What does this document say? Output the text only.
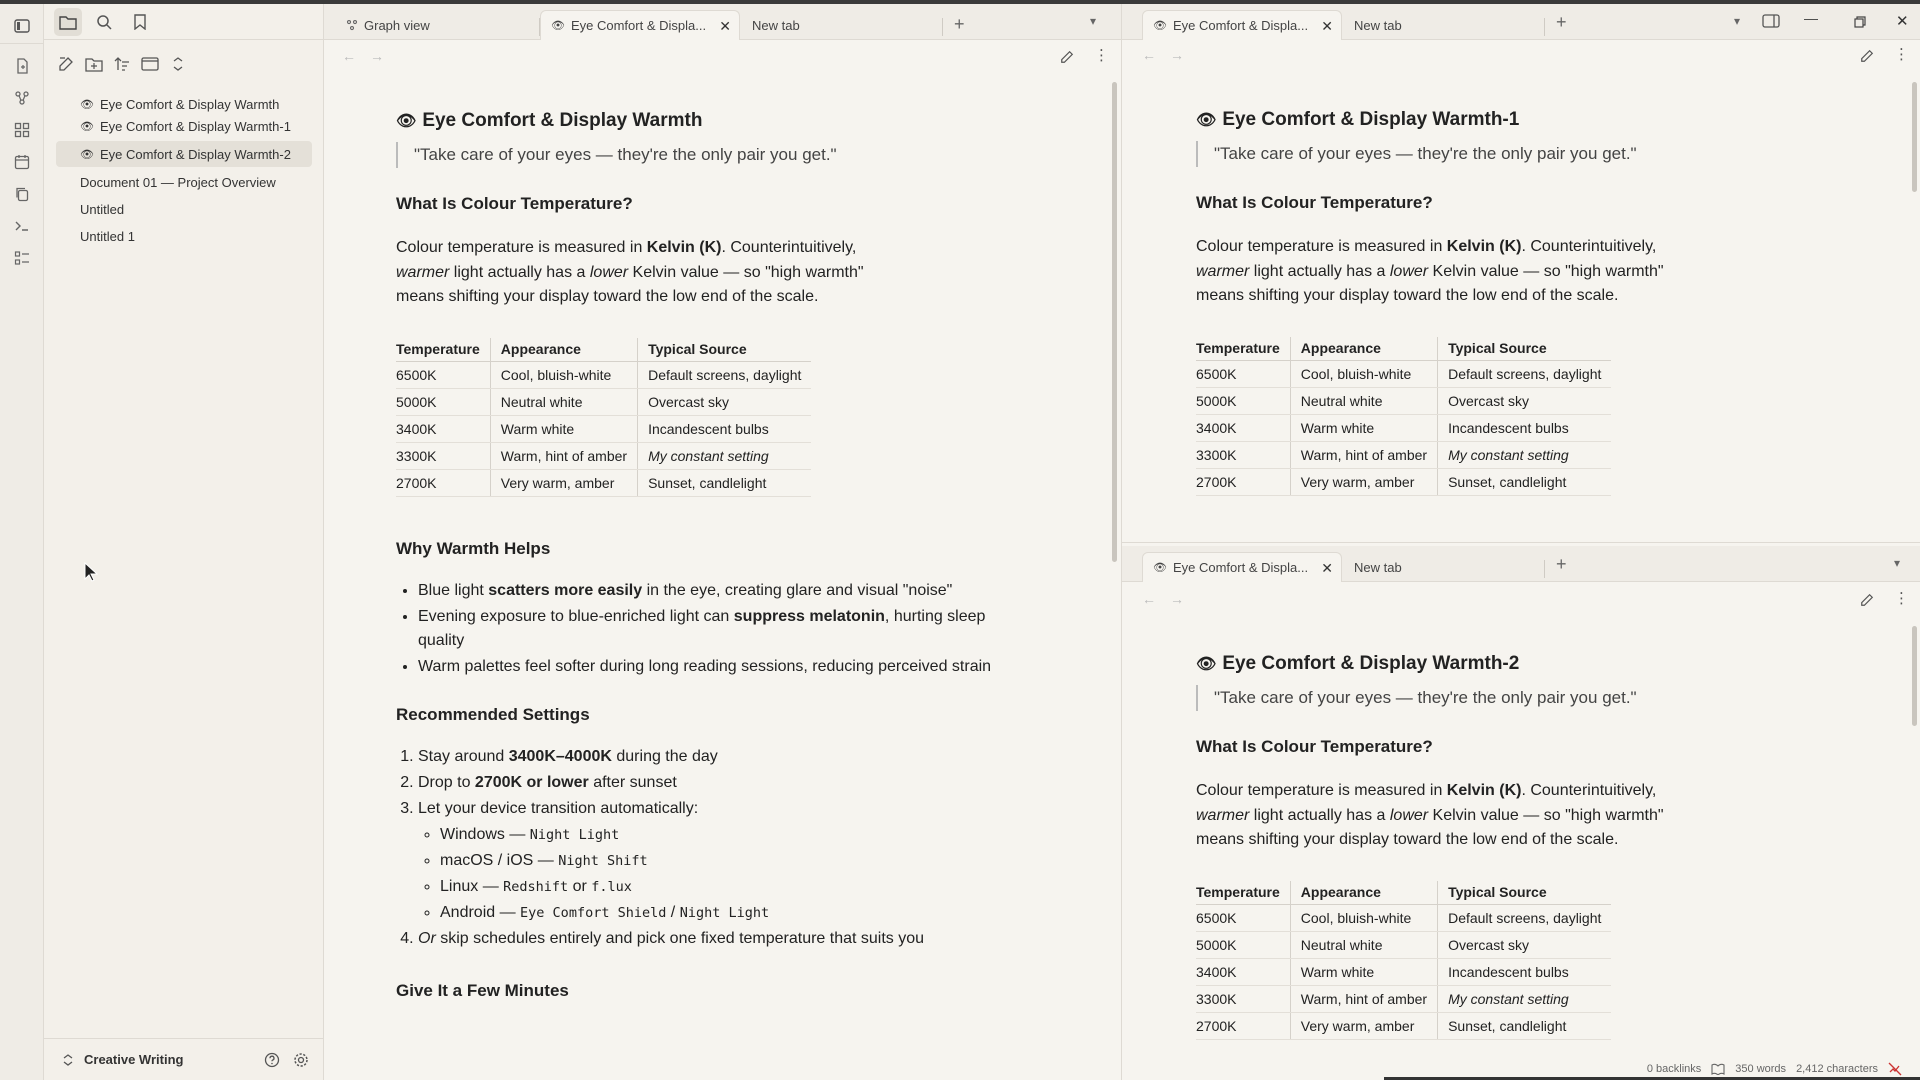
👁 Eye Comfort & Display Warmth
👁 Eye Comfort & Display Warmth-1
👁 Eye Comfort & Display Warmth-2
Document 01 — Project Overview
Untitled
Untitled 1
Creative Writing
Graph view	👁 Eye Comfort & Displa... ✕ New tab	+	▾
← →	⋮
👁 Eye Comfort & Display Warmth
"Take care of your eyes — they're the only pair you get."
What Is Colour Temperature?
Colour temperature is measured in Kelvin (K). Counterintuitively,
warmer light actually has a lower Kelvin value — so "high warmth"
means shifting your display toward the low end of the scale.
Temperature	Appearance	Typical Source
6500K	Cool, bluish-white	Default screens, daylight
5000K	Neutral white	Overcast sky
3400K	Warm white	Incandescent bulbs
3300K	Warm, hint of amber	My constant setting
2700K	Very warm, amber	Sunset, candlelight
Why Warmth Helps
• Blue light scatters more easily in the eye, creating glare and visual "noise"
• Evening exposure to blue-enriched light can suppress melatonin, hurting sleep quality
• Warm palettes feel softer during long reading sessions, reducing perceived strain
Recommended Settings
1. Stay around 3400K–4000K during the day
2. Drop to 2700K or lower after sunset
3. Let your device transition automatically:
◦ Windows — Night Light
◦ macOS / iOS — Night Shift
◦ Linux — Redshift or f.lux
◦ Android — Eye Comfort Shield / Night Light
4. Or skip schedules entirely and pick one fixed temperature that suits you
Give It a Few Minutes
👁 Eye Comfort & Displa... ✕ New tab	+	▾	—	✕
← →	⋮
👁 Eye Comfort & Display Warmth-1
"Take care of your eyes — they're the only pair you get."
What Is Colour Temperature?
Colour temperature is measured in Kelvin (K). Counterintuitively,
warmer light actually has a lower Kelvin value — so "high warmth"
means shifting your display toward the low end of the scale.
Temperature	Appearance	Typical Source
6500K	Cool, bluish-white	Default screens, daylight
5000K	Neutral white	Overcast sky
3400K	Warm white	Incandescent bulbs
3300K	Warm, hint of amber	My constant setting
2700K	Very warm, amber	Sunset, candlelight
👁 Eye Comfort & Displa... ✕ New tab	+	▾
← →	⋮
👁 Eye Comfort & Display Warmth-2
"Take care of your eyes — they're the only pair you get."
What Is Colour Temperature?
Colour temperature is measured in Kelvin (K). Counterintuitively,
warmer light actually has a lower Kelvin value — so "high warmth"
means shifting your display toward the low end of the scale.
Temperature	Appearance	Typical Source
6500K	Cool, bluish-white	Default screens, daylight
5000K	Neutral white	Overcast sky
3400K	Warm white	Incandescent bulbs
3300K	Warm, hint of amber	My constant setting
2700K	Very warm, amber	Sunset, candlelight
0 backlinks	350 words 2,412 characters
